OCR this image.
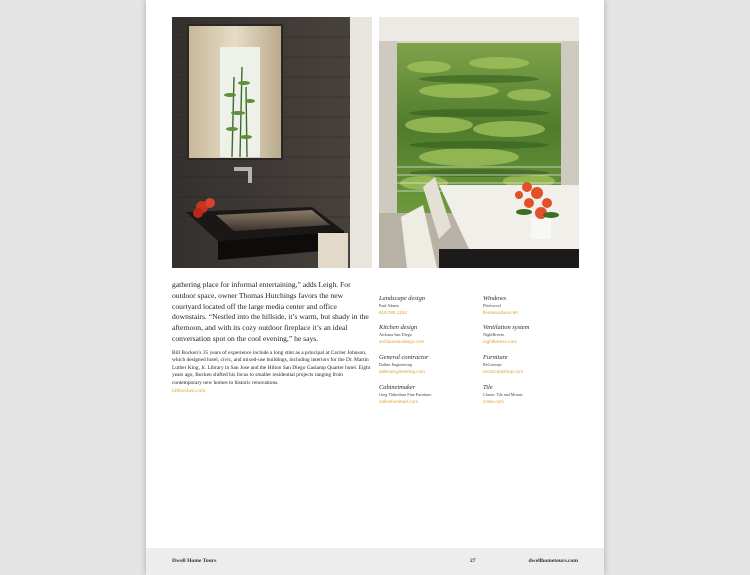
gathering place for informal entertaining,” adds Leigh. For outdoor space, owner Thomas Hutchings favors the new courtyard located off the large media center and office downstairs. “Nestled into the hillside, it’s warm, but shady in the afternoon, and with its cozy outdoor fireplace it’s an ideal conversation spot on the cool evening,” he says.
Bill Bocken’s 35 years of experience include a long stint as a principal at Carrier Johnson, which designed hotel, civic, and mixed-use buildings, including interiors for the Dr. Martin Luther King, Jr. Library in San Jose and the Hilton San Diego Gaslamp Quarter hotel. Eight years ago, Bocken shifted his focus to smaller residential projects ranging from contemporary new homes to historic renovations.
billbocken.com
Landscape design
Paul Adams
619.295.1162
Windows
Fleetwood
fleetwoodusa.net
Kitchen design
Archana San Diego
archanasandiego.com
Ventilation system
NightBreeze
nightbreeze.com
General contractor
Dalkin Engineering
dalkinengineering.com
Furniture
ReConcept
reconceptshop.com
Cabinetmaker
Greg Thibodeau Fine Furniture
onlinefurniture.com
Tile
Classic Tile and Mosaic
ctmla.com
Dwell Home Tours	27	dwellhometours.com
